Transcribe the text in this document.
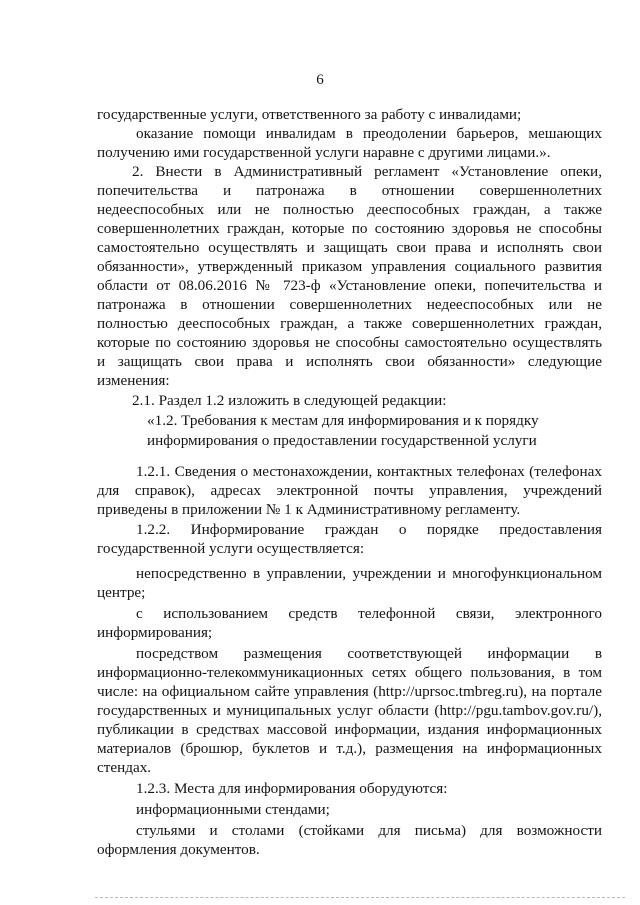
6
государственные услуги, ответственного за работу с инвалидами;
оказание помощи инвалидам в преодолении барьеров, мешающих
получению ими государственной услуги наравне с другими лицами.».
2. Внести в Административный регламент «Установление опеки,
попечительства и патронажа в отношении совершеннолетних
недееспособных или не полностью дееспособных граждан, а также
совершеннолетних граждан, которые по состоянию здоровья не способны
самостоятельно осуществлять и защищать свои права и исполнять свои
обязанности», утвержденный приказом управления социального развития
области от 08.06.2016 № 723-ф «Установление опеки, попечительства и
патронажа в отношении совершеннолетних недееспособных или не
полностью дееспособных граждан, а также совершеннолетних граждан,
которые по состоянию здоровья не способны самостоятельно осуществлять
и защищать свои права и исполнять свои обязанности» следующие
изменения:
2.1. Раздел 1.2 изложить в следующей редакции:
«1.2. Требования к местам для информирования и к порядку
информирования о предоставлении государственной услуги
1.2.1. Сведения о местонахождении, контактных телефонах (телефонах
для справок), адресах электронной почты управления, учреждений
приведены в приложении № 1 к Административному регламенту.
1.2.2. Информирование граждан о порядке предоставления
государственной услуги осуществляется:
непосредственно в управлении, учреждении и многофункциональном
центре;
с использованием средств телефонной связи, электронного
информирования;
посредством размещения соответствующей информации в
информационно-телекоммуникационных сетях общего пользования, в том
числе: на официальном сайте управления (http://uprsoc.tmbreg.ru), на портале
государственных и муниципальных услуг области (http://pgu.tambov.gov.ru/),
публикации в средствах массовой информации, издания информационных
материалов (брошюр, буклетов и т.д.), размещения на информационных
стендах.
1.2.3. Места для информирования оборудуются:
информационными стендами;
стульями и столами (стойками для письма) для возможности
оформления документов.
